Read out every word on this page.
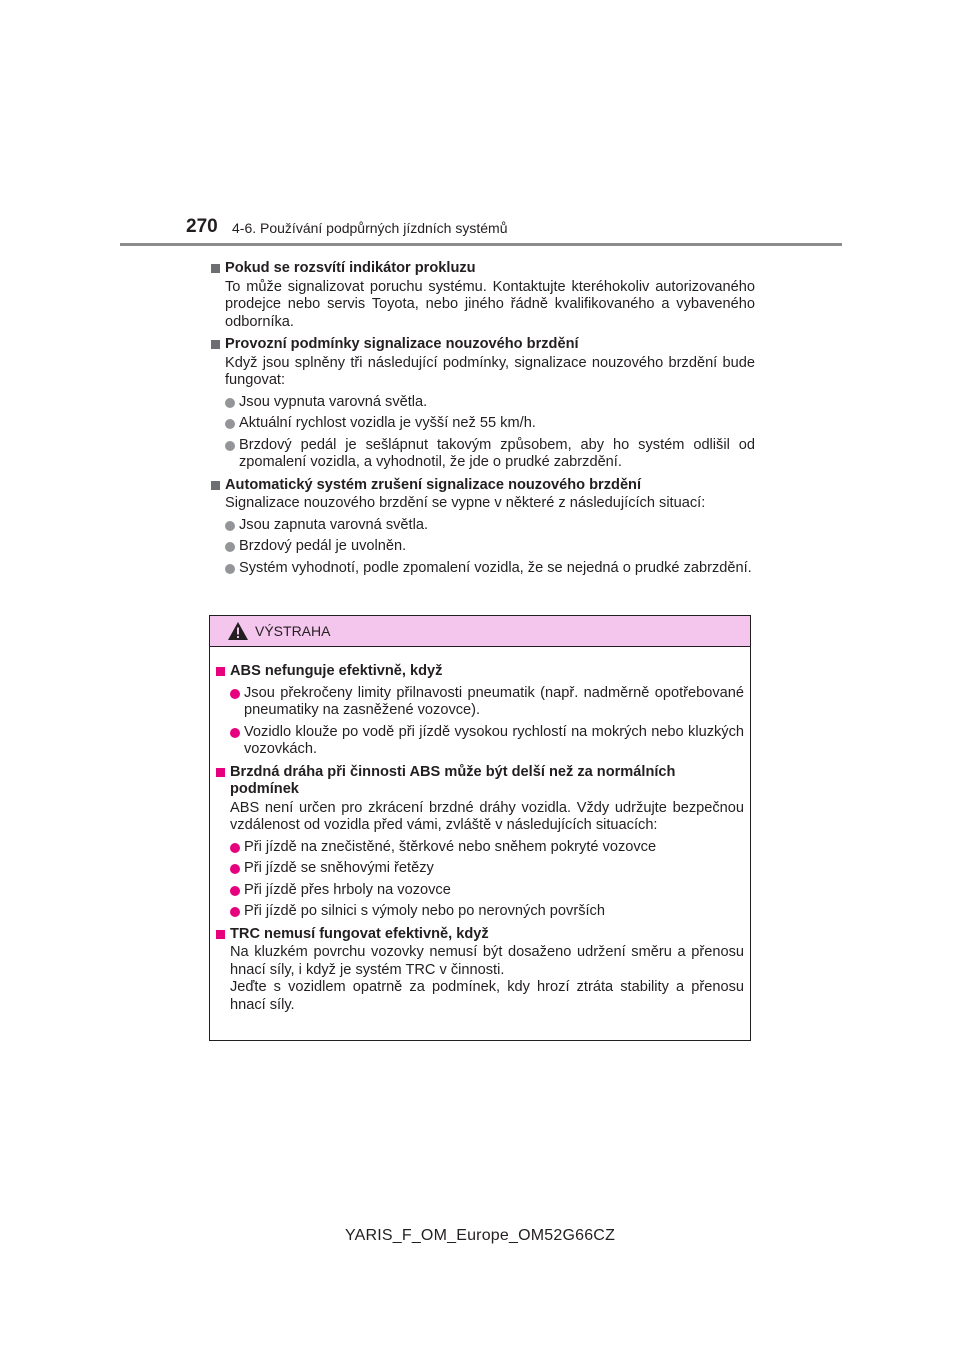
270 4-6. Používání podpůrných jízdních systémů
Pokud se rozsvítí indikátor prokluzu
To může signalizovat poruchu systému. Kontaktujte kteréhokoliv autorizovaného prodejce nebo servis Toyota, nebo jiného řádně kvalifikovaného a vybaveného odborníka.
Provozní podmínky signalizace nouzového brzdění
Když jsou splněny tři následující podmínky, signalizace nouzového brzdění bude fungovat:
Jsou vypnuta varovná světla.
Aktuální rychlost vozidla je vyšší než 55 km/h.
Brzdový pedál je sešlápnut takovým způsobem, aby ho systém odlišil od zpomalení vozidla, a vyhodnotil, že jde o prudké zabrzdění.
Automatický systém zrušení signalizace nouzového brzdění
Signalizace nouzového brzdění se vypne v některé z následujících situací:
Jsou zapnuta varovná světla.
Brzdový pedál je uvolněn.
Systém vyhodnotí, podle zpomalení vozidla, že se nejedná o prudké zabrzdění.
VÝSTRAHA
ABS nefunguje efektivně, když
Jsou překročeny limity přilnavosti pneumatik (např. nadměrně opotřebované pneumatiky na zasněžené vozovce).
Vozidlo klouže po vodě při jízdě vysokou rychlostí na mokrých nebo kluzkých vozovkách.
Brzdná dráha při činnosti ABS může být delší než za normálních podmínek
ABS není určen pro zkrácení brzdné dráhy vozidla. Vždy udržujte bezpečnou vzdálenost od vozidla před vámi, zvláště v následujících situacích:
Při jízdě na znečistěné, štěrkové nebo sněhem pokryté vozovce
Při jízdě se sněhovými řetězy
Při jízdě přes hrboly na vozovce
Při jízdě po silnici s výmoly nebo po nerovných površích
TRC nemusí fungovat efektivně, když
Na kluzkém povrchu vozovky nemusí být dosaženo udržení směru a přenosu hnací síly, i když je systém TRC v činnosti.
Jeďte s vozidlem opatrně za podmínek, kdy hrozí ztráta stability a přenosu hnací síly.
YARIS_F_OM_Europe_OM52G66CZ
